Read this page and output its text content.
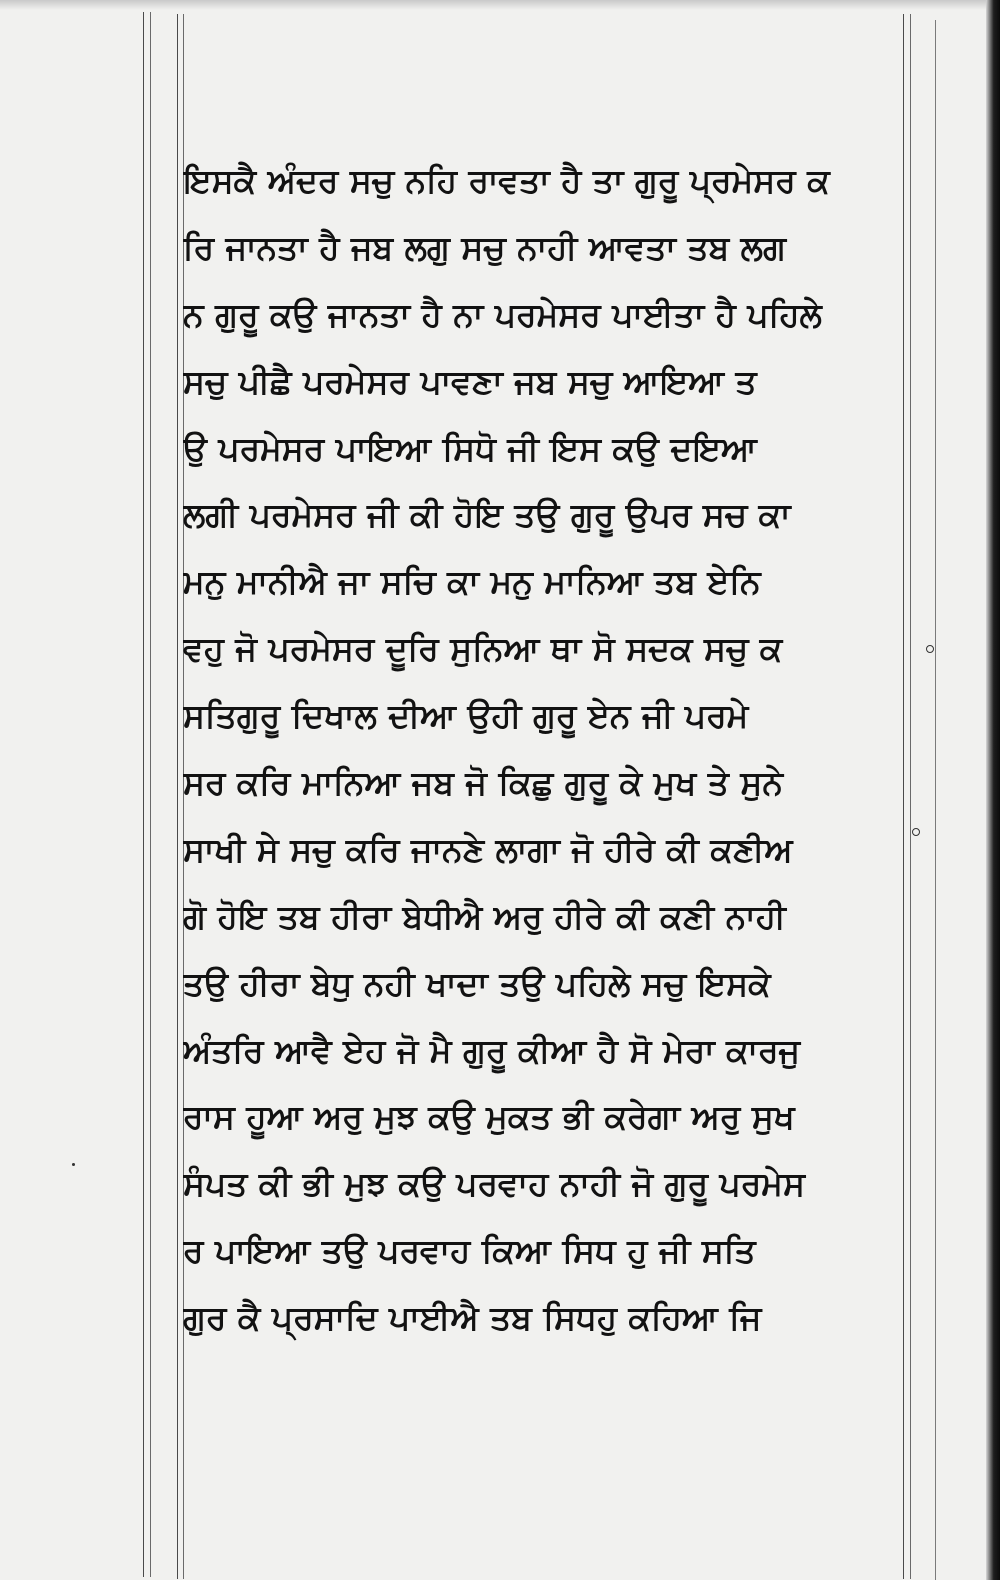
ਇਸਕੈ ਅੰਦਰ ਸਚੁ ਨਹਿ ਰਾਵਤਾ ਹੈ ਤਾ ਗੁਰੂ ਪ੍ਰਮੇਸਰ ਕ
ਰਿ ਜਾਨਤਾ ਹੈ ਜਬ ਲਗੁ ਸਚੁ ਨਾਹੀ ਆਵਤਾ ਤਬ ਲਗ
ਨ ਗੁਰੂ ਕਉ ਜਾਨਤਾ ਹੈ ਨਾ ਪਰਮੇਸਰ ਪਾਈਤਾ ਹੈ ਪਹਿਲੇ
ਸਚੁ ਪੀਛੈ ਪਰਮੇਸਰ ਪਾਵਣਾ ਜਬ ਸਚੁ ਆਇਆ ਤ
ਉ ਪਰਮੇਸਰ ਪਾਇਆ ਸਿਧੋ ਜੀ ਇਸ ਕਉ ਦਇਆ
ਲਗੀ ਪਰਮੇਸਰ ਜੀ ਕੀ ਹੋਇ ਤਉ ਗੁਰੂ ਉਪਰ ਸਚ ਕਾ
ਮਨੁ ਮਾਨੀਐ ਜਾ ਸਚਿ ਕਾ ਮਨੁ ਮਾਨਿਆ ਤਬ ਏਨਿ
ਵਹੁ ਜੋ ਪਰਮੇਸਰ ਦੂਰਿ ਸੁਨਿਆ ਥਾ ਸੋ ਸਦਕ ਸਚੁ ਕ
ਸਤਿਗੁਰੂ ਦਿਖਾਲ ਦੀਆ ਉਹੀ ਗੁਰੂ ਏਨ ਜੀ ਪਰਮੇ
ਸਰ ਕਰਿ ਮਾਨਿਆ ਜਬ ਜੋ ਕਿਛੁ ਗੁਰੂ ਕੇ ਮੁਖ ਤੇ ਸੁਨੇ
ਸਾਖੀ ਸੇ ਸਚੁ ਕਰਿ ਜਾਨਣੇ ਲਾਗਾ ਜੋ ਹੀਰੇ ਕੀ ਕਣੀਅ
ਗੋ ਹੋਇ ਤਬ ਹੀਰਾ ਬੇਧੀਐ ਅਰੁ ਹੀਰੇ ਕੀ ਕਣੀ ਨਾਹੀ
ਤਉ ਹੀਰਾ ਬੇਧੁ ਨਹੀ ਖਾਦਾ ਤਉ ਪਹਿਲੇ ਸਚੁ ਇਸਕੇ
ਅੰਤਰਿ ਆਵੈ ਏਹ ਜੋ ਮੈ ਗੁਰੂ ਕੀਆ ਹੈ ਸੋ ਮੇਰਾ ਕਾਰਜੁ
ਰਾਸ ਹੂਆ ਅਰੁ ਮੁਝ ਕਉ ਮੁਕਤ ਭੀ ਕਰੇਗਾ ਅਰੁ ਸੁਖ
ਸੰਪਤ ਕੀ ਭੀ ਮੁਝ ਕਉ ਪਰਵਾਹ ਨਾਹੀ ਜੋ ਗੁਰੂ ਪਰਮੇਸ
ਰ ਪਾਇਆ ਤਉ ਪਰਵਾਹ ਕਿਆ ਸਿਧ ਹੁ ਜੀ ਸਤਿ
ਗੁਰ ਕੈ ਪ੍ਰਸਾਦਿ ਪਾਈਐ ਤਬ ਸਿਧਹੁ ਕਹਿਆ ਜਿ
